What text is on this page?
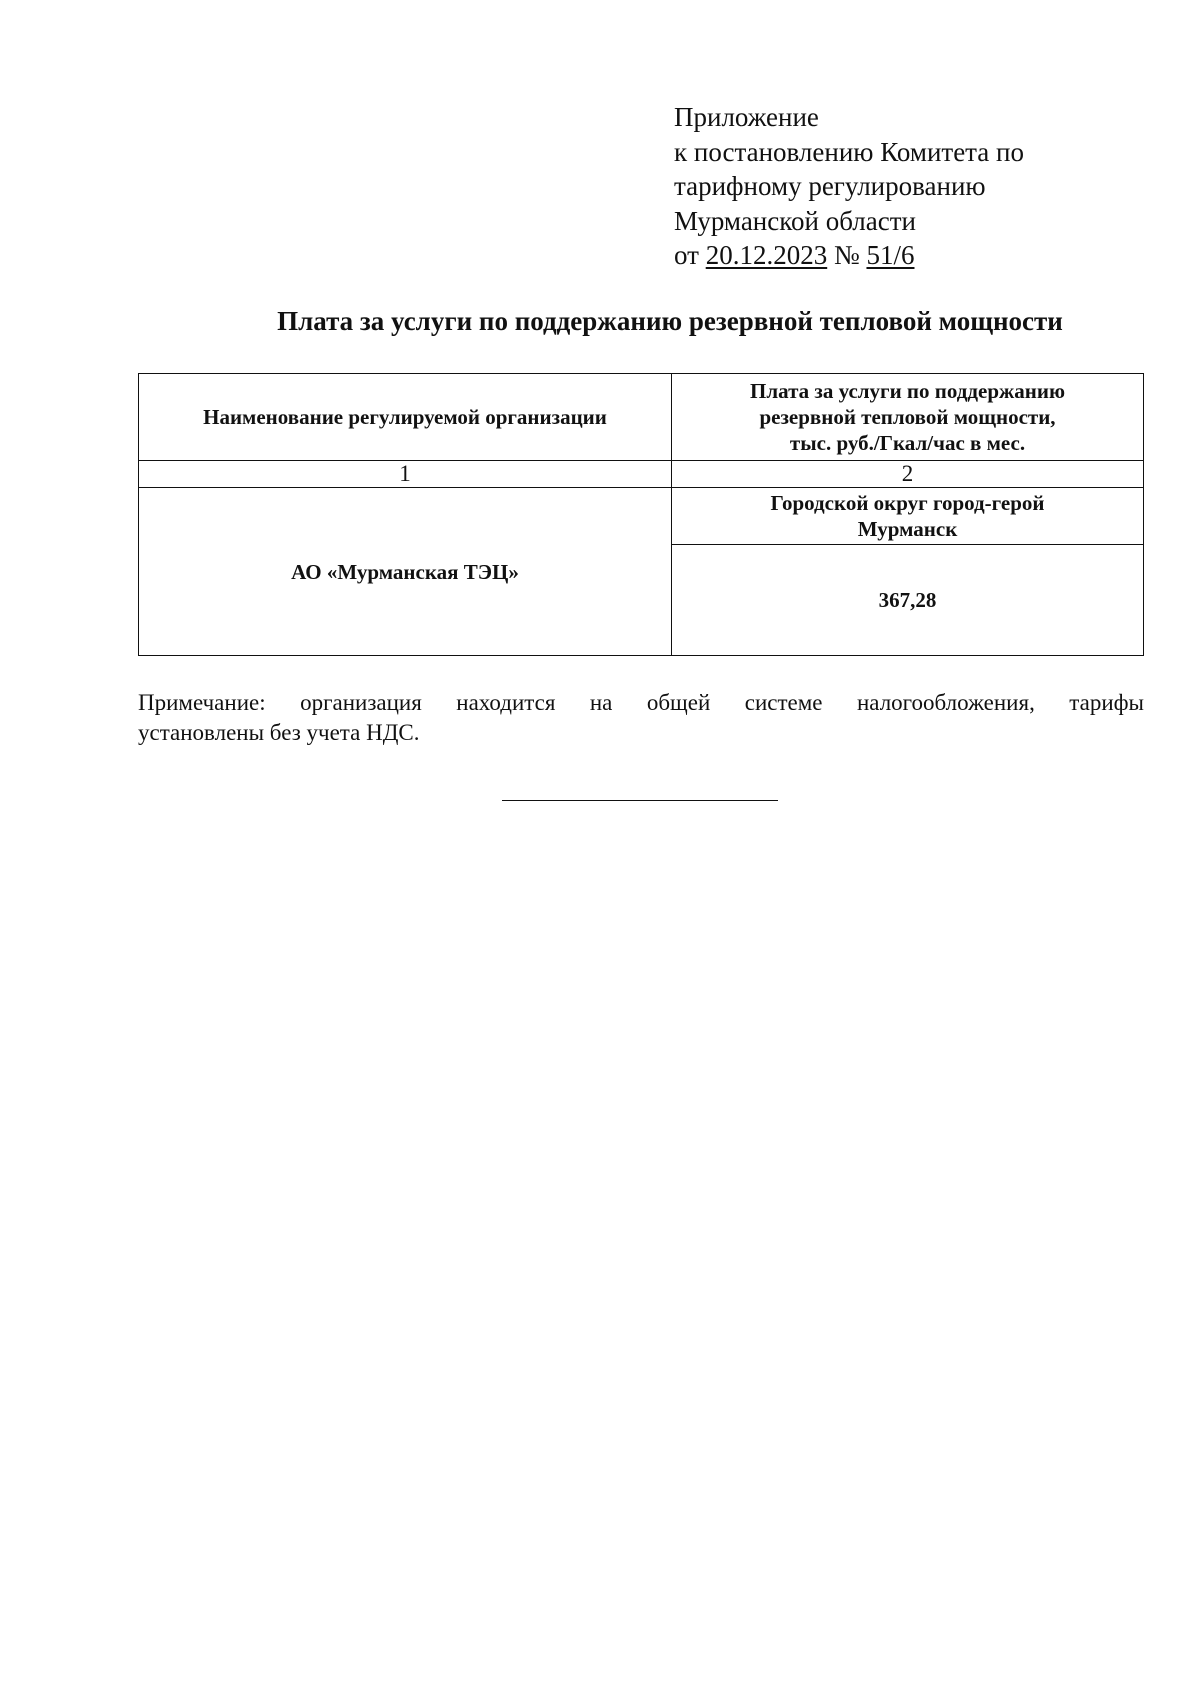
Приложение
к постановлению Комитета по
тарифному регулированию
Мурманской области
от 20.12.2023 № 51/6
Плата за услуги по поддержанию резервной тепловой мощности
Наименование регулируемой организации	Плата за услуги по поддержанию
резервной тепловой мощности,
тыс. руб./Гкал/час в мес.

1	2
АО «Мурманская ТЭЦ»	Городской округ город-герой
Мурманск

	367,28
Примечание: организация находится на общей системе налогообложения, тарифы
установлены без учета НДС.
